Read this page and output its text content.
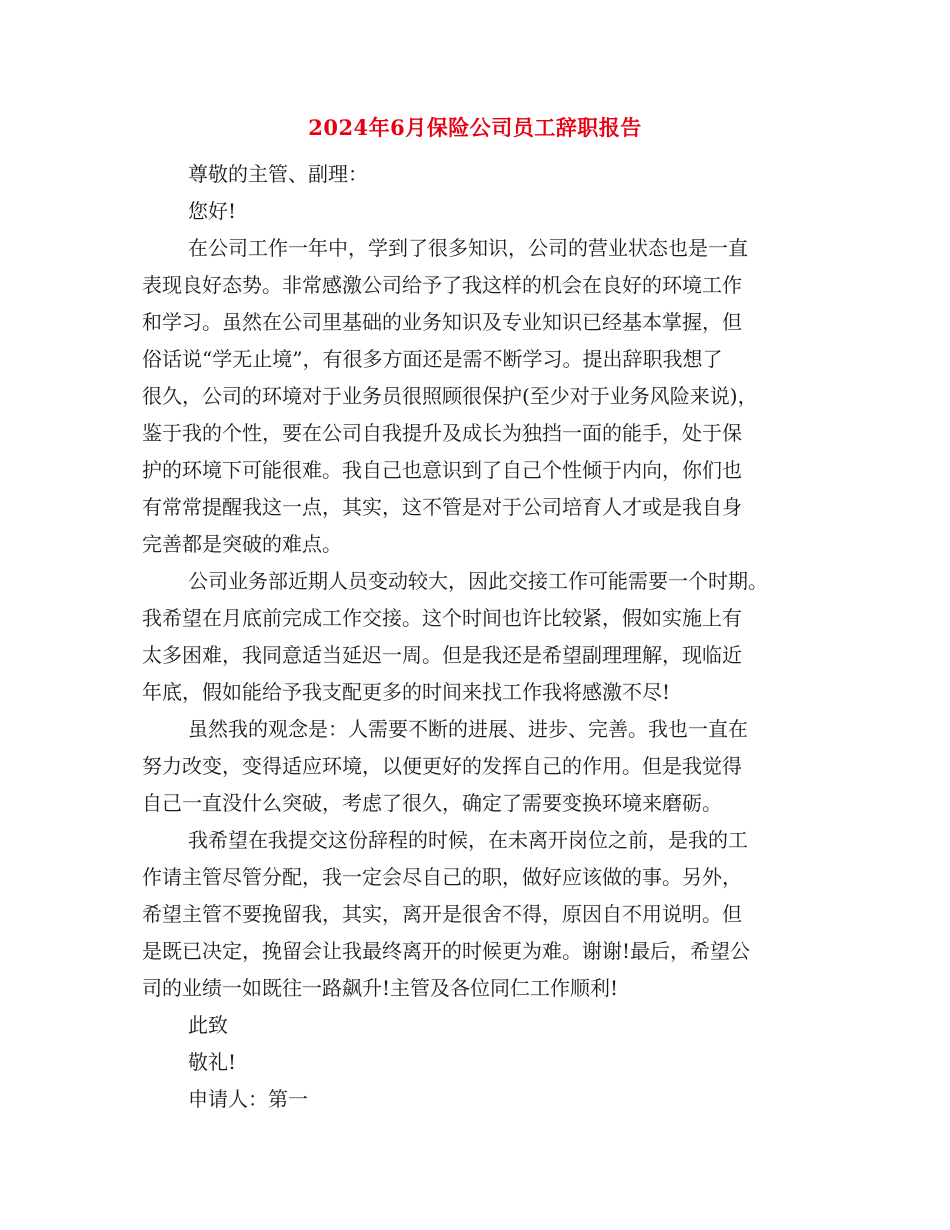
2024年6月保险公司员工辞职报告
尊敬的主管、副理：
您好!
在公司工作一年中，学到了很多知识，公司的营业状态也是一直
表现良好态势。非常感激公司给予了我这样的机会在良好的环境工作
和学习。虽然在公司里基础的业务知识及专业知识已经基本掌握，但
俗话说“学无止境”，有很多方面还是需不断学习。提出辞职我想了
很久，公司的环境对于业务员很照顾很保护(至少对于业务风险来说)，
鉴于我的个性，要在公司自我提升及成长为独挡一面的能手，处于保
护的环境下可能很难。我自己也意识到了自己个性倾于内向，你们也
有常常提醒我这一点，其实，这不管是对于公司培育人才或是我自身
完善都是突破的难点。
公司业务部近期人员变动较大，因此交接工作可能需要一个时期。
我希望在月底前完成工作交接。这个时间也许比较紧，假如实施上有
太多困难，我同意适当延迟一周。但是我还是希望副理理解，现临近
年底，假如能给予我支配更多的时间来找工作我将感激不尽!
虽然我的观念是：人需要不断的进展、进步、完善。我也一直在
努力改变，变得适应环境，以便更好的发挥自己的作用。但是我觉得
自己一直没什么突破，考虑了很久，确定了需要变换环境来磨砺。
我希望在我提交这份辞程的时候，在未离开岗位之前，是我的工
作请主管尽管分配，我一定会尽自己的职，做好应该做的事。另外，
希望主管不要挽留我，其实，离开是很舍不得，原因自不用说明。但
是既已决定，挽留会让我最终离开的时候更为难。谢谢!最后，希望公
司的业绩一如既往一路飙升!主管及各位同仁工作顺利!
此致
敬礼!
申请人：第一
